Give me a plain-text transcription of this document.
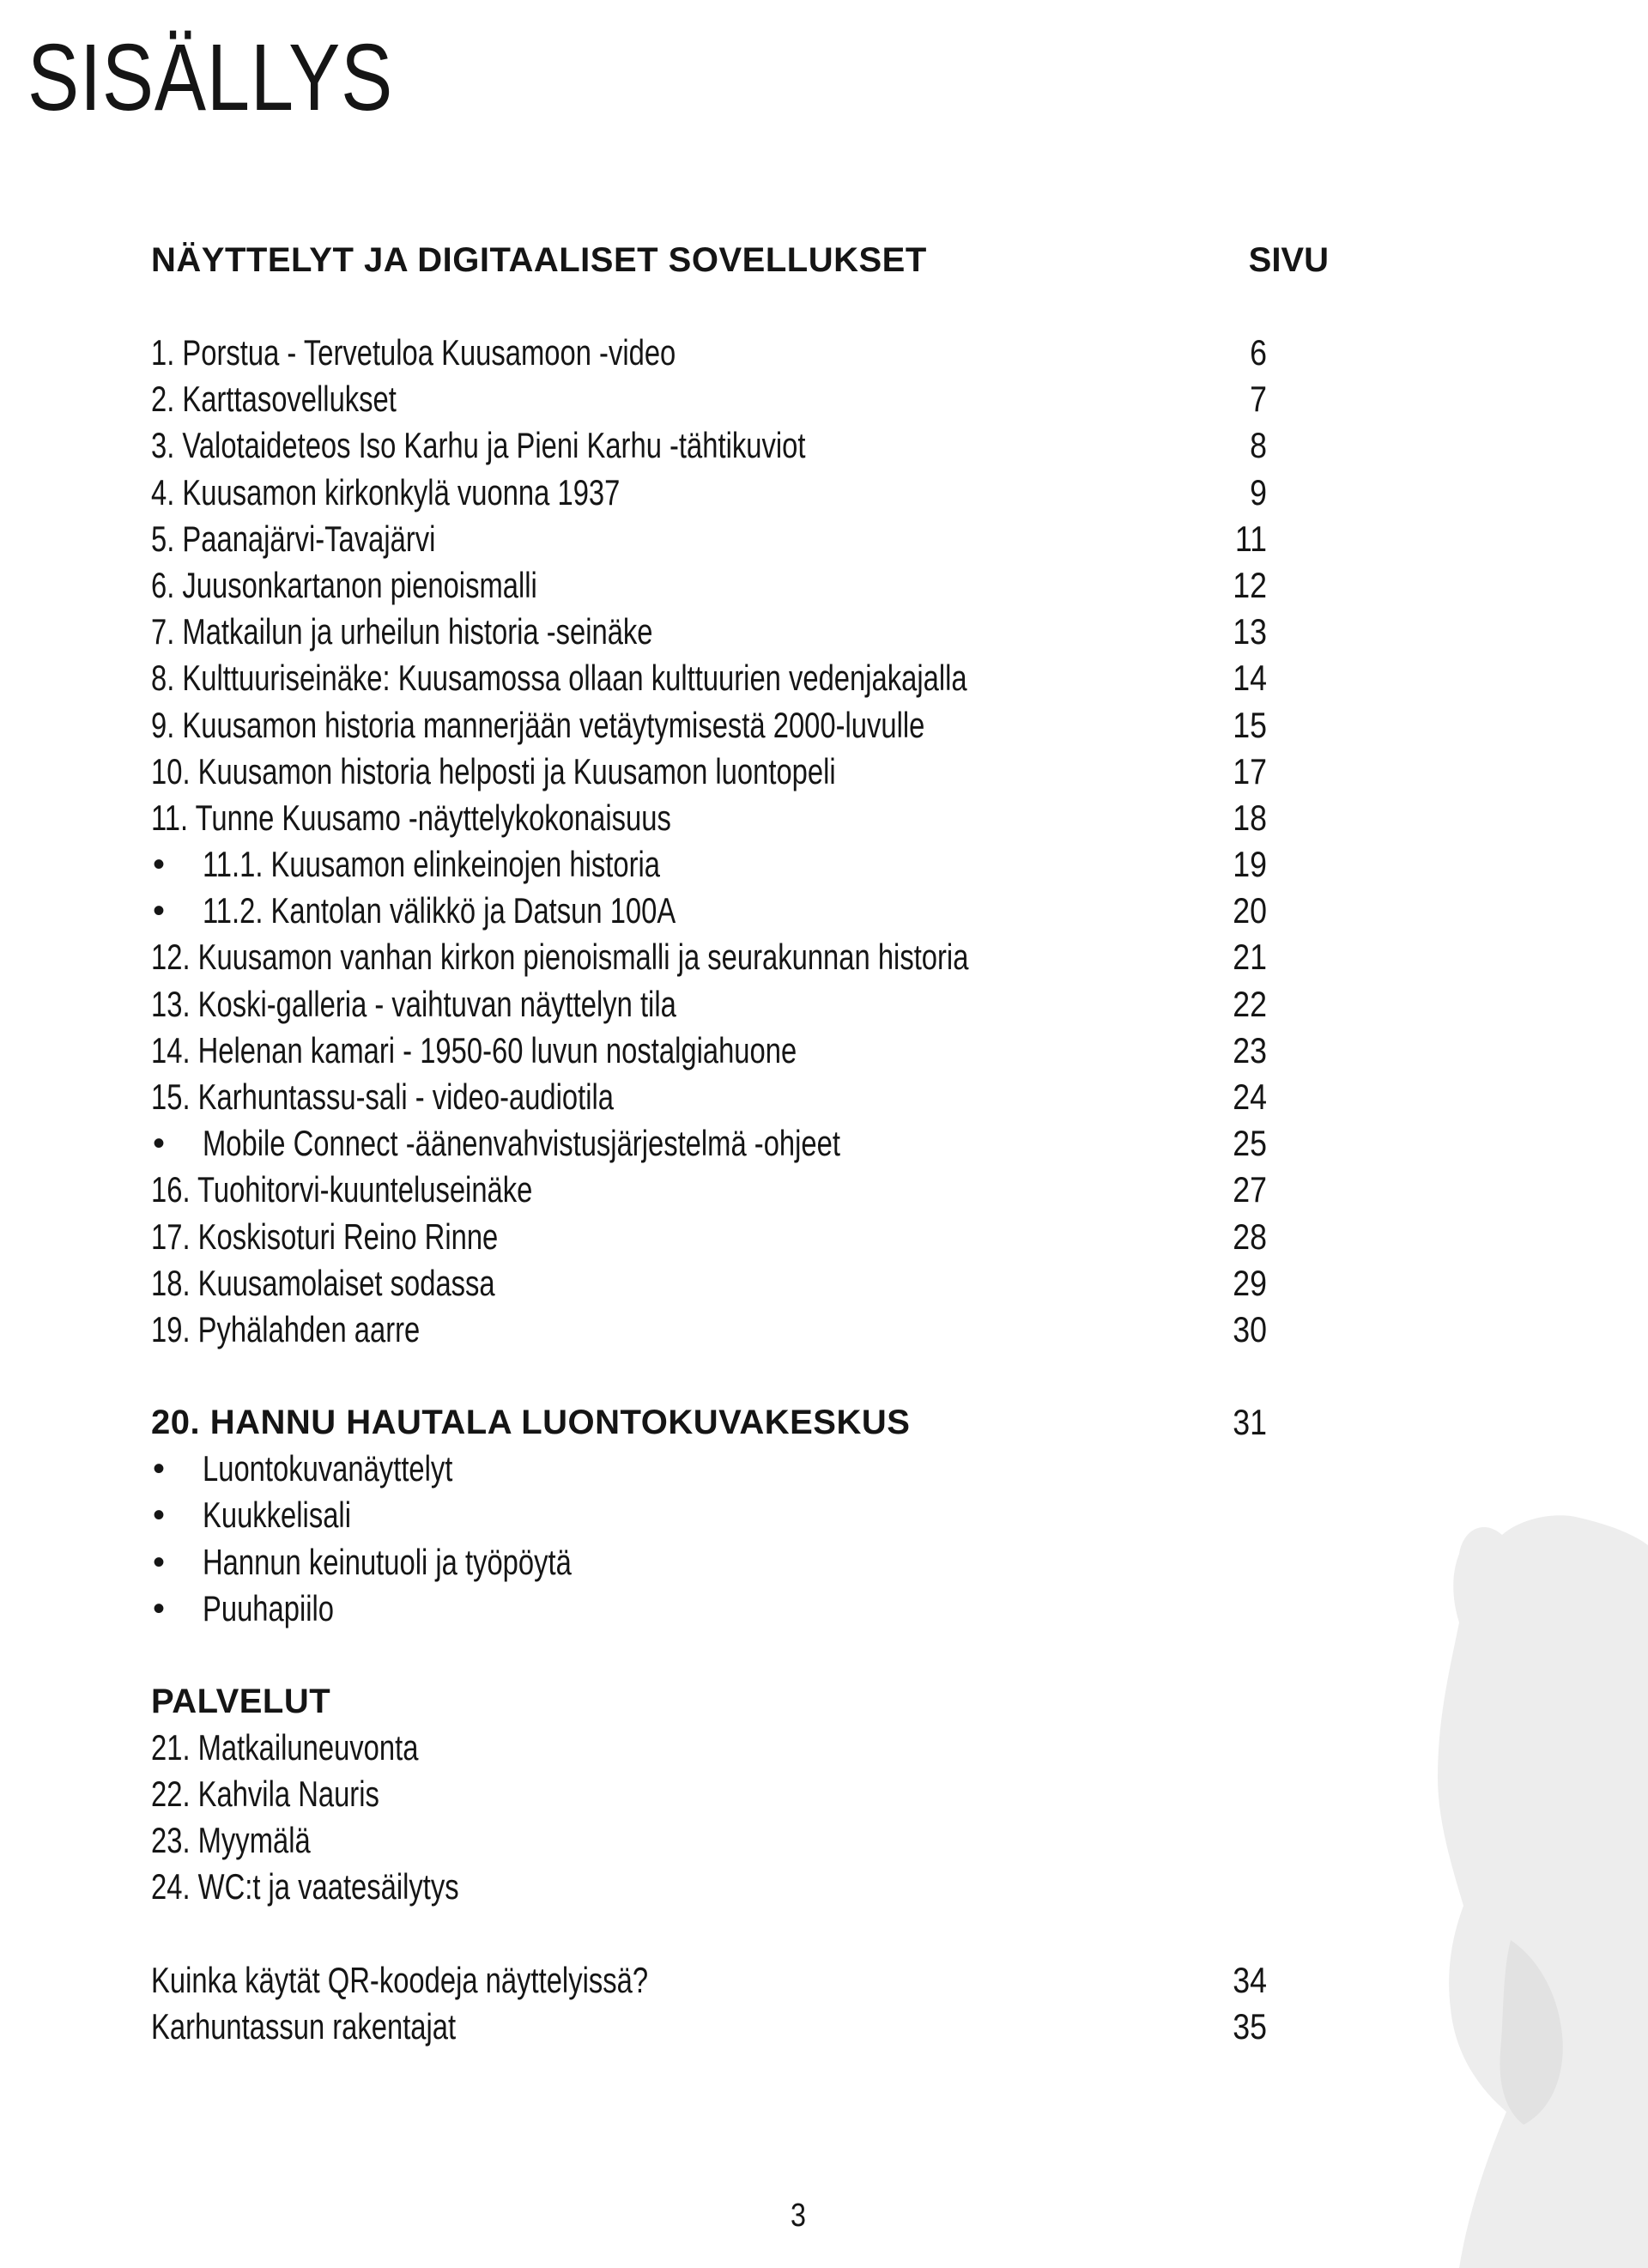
SISÄLLYS
NÄYTTELYT JA DIGITAALISET SOVELLUKSET	SIVU
1. Porstua - Tervetuloa Kuusamoon -video	6
2. Karttasovellukset	7
3. Valotaideteos Iso Karhu ja Pieni Karhu -tähtikuviot	8
4. Kuusamon kirkonkylä vuonna 1937	9
5. Paanajärvi-Tavajärvi	11
6. Juusonkartanon pienoismalli	12
7. Matkailun ja urheilun historia -seinäke	13
8. Kulttuuriseinäke: Kuusamossa ollaan kulttuurien vedenjakajalla	14
9. Kuusamon historia mannerjään vetäytymisestä 2000-luvulle	15
10. Kuusamon historia helposti ja Kuusamon luontopeli	17
11. Tunne Kuusamo -näyttelykokonaisuus	18
• 11.1. Kuusamon elinkeinojen historia	19
• 11.2. Kantolan välikkö ja Datsun 100A	20
12. Kuusamon vanhan kirkon pienoismalli ja seurakunnan historia	21
13. Koski-galleria - vaihtuvan näyttelyn tila	22
14. Helenan kamari - 1950-60 luvun nostalgiahuone	23
15. Karhuntassu-sali - video-audiotila	24
• Mobile Connect -äänenvahvistusjärjestelmä -ohjeet	25
16. Tuohitorvi-kuunteluseinäke	27
17. Koskisoturi Reino Rinne	28
18. Kuusamolaiset sodassa	29
19. Pyhälahden aarre	30
20. HANNU HAUTALA LUONTOKUVAKESKUS	31
• Luontokuvanäyttelyt
• Kuukkelisali
• Hannun keinutuoli ja työpöytä
• Puuhapiilo
PALVELUT
21. Matkailuneuvonta
22. Kahvila Nauris
23. Myymälä
24. WC:t ja vaatesäilytys
Kuinka käytät QR-koodeja näyttelyissä?	34
Karhuntassun rakentajat	35
3
